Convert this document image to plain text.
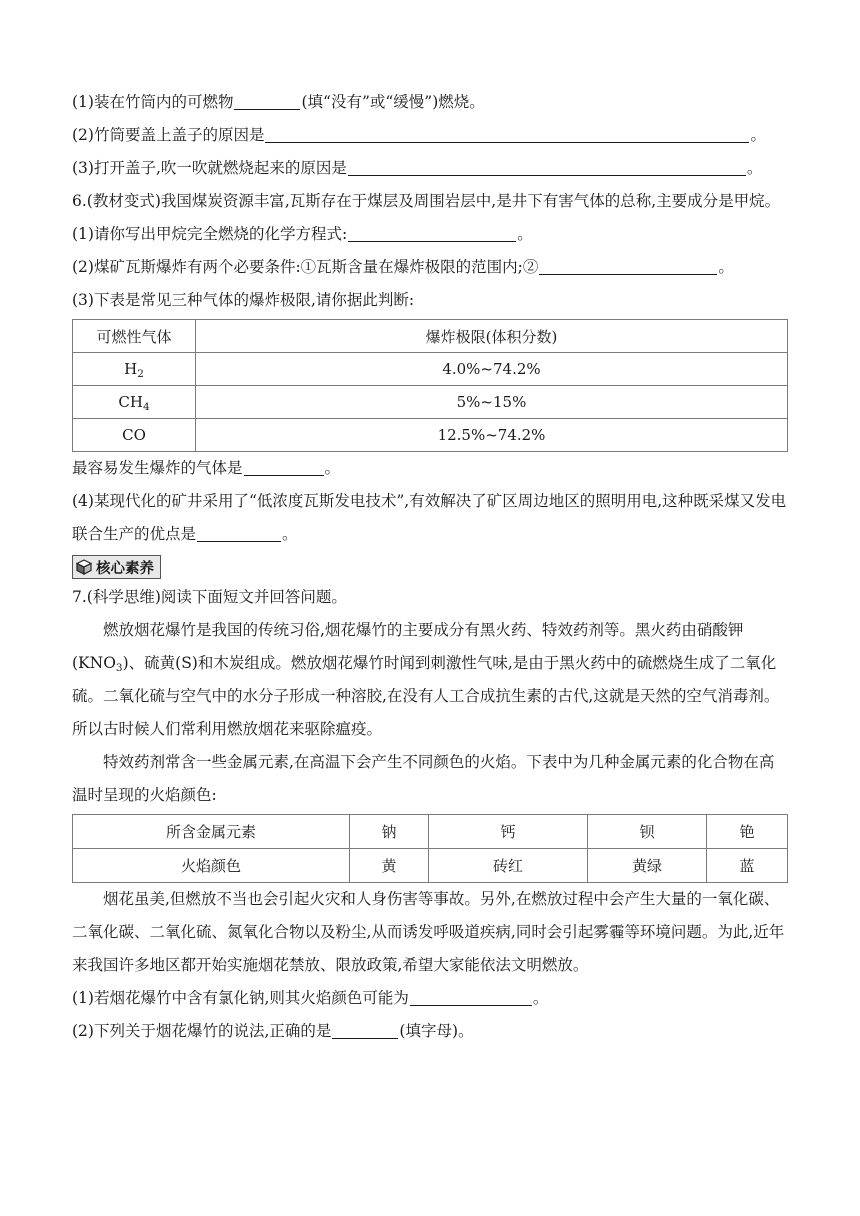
(1)装在竹筒内的可燃物	(填“没有”或“缓慢”)燃烧。
(2)竹筒要盖上盖子的原因是	。
(3)打开盖子,吹一吹就燃烧起来的原因是	。
6.(教材变式)我国煤炭资源丰富,瓦斯存在于煤层及周围岩层中,是井下有害气体的总称,主要成分是甲烷。
(1)请你写出甲烷完全燃烧的化学方程式:	。
(2)煤矿瓦斯爆炸有两个必要条件:①瓦斯含量在爆炸极限的范围内;②	。
(3)下表是常见三种气体的爆炸极限,请你据此判断:
可燃性气体	爆炸极限(体积分数)
$H_2$	4.0%~74.2%
$CH_4$	5%~15%
CO	12.5%~74.2%
最容易发生爆炸的气体是	。
(4)某现代化的矿井采用了“低浓度瓦斯发电技术”,有效解决了矿区周边地区的照明用电,这种既采煤又发电联合生产的优点是	。
核心素养
7.(科学思维)阅读下面短文并回答问题。
燃放烟花爆竹是我国的传统习俗,烟花爆竹的主要成分有黑火药、特效药剂等。黑火药由硝酸钾$(KNO_3)$、硫黄(S)和木炭组成。燃放烟花爆竹时闻到刺激性气味,是由于黑火药中的硫燃烧生成了二氧化硫。二氧化硫与空气中的水分子形成一种溶胶,在没有人工合成抗生素的古代,这就是天然的空气消毒剂。所以古时候人们常利用燃放烟花来驱除瘟疫。
特效药剂常含一些金属元素,在高温下会产生不同颜色的火焰。下表中为几种金属元素的化合物在高温时呈现的火焰颜色:
所含金属元素	钠	钙	钡	铯
火焰颜色	黄	砖红	黄绿	蓝
烟花虽美,但燃放不当也会引起火灾和人身伤害等事故。另外,在燃放过程中会产生大量的一氧化碳、二氧化碳、二氧化硫、氮氧化合物以及粉尘,从而诱发呼吸道疾病,同时会引起雾霾等环境问题。为此,近年来我国许多地区都开始实施烟花禁放、限放政策,希望大家能依法文明燃放。
(1)若烟花爆竹中含有氯化钠,则其火焰颜色可能为	。
(2)下列关于烟花爆竹的说法,正确的是	(填字母)。
